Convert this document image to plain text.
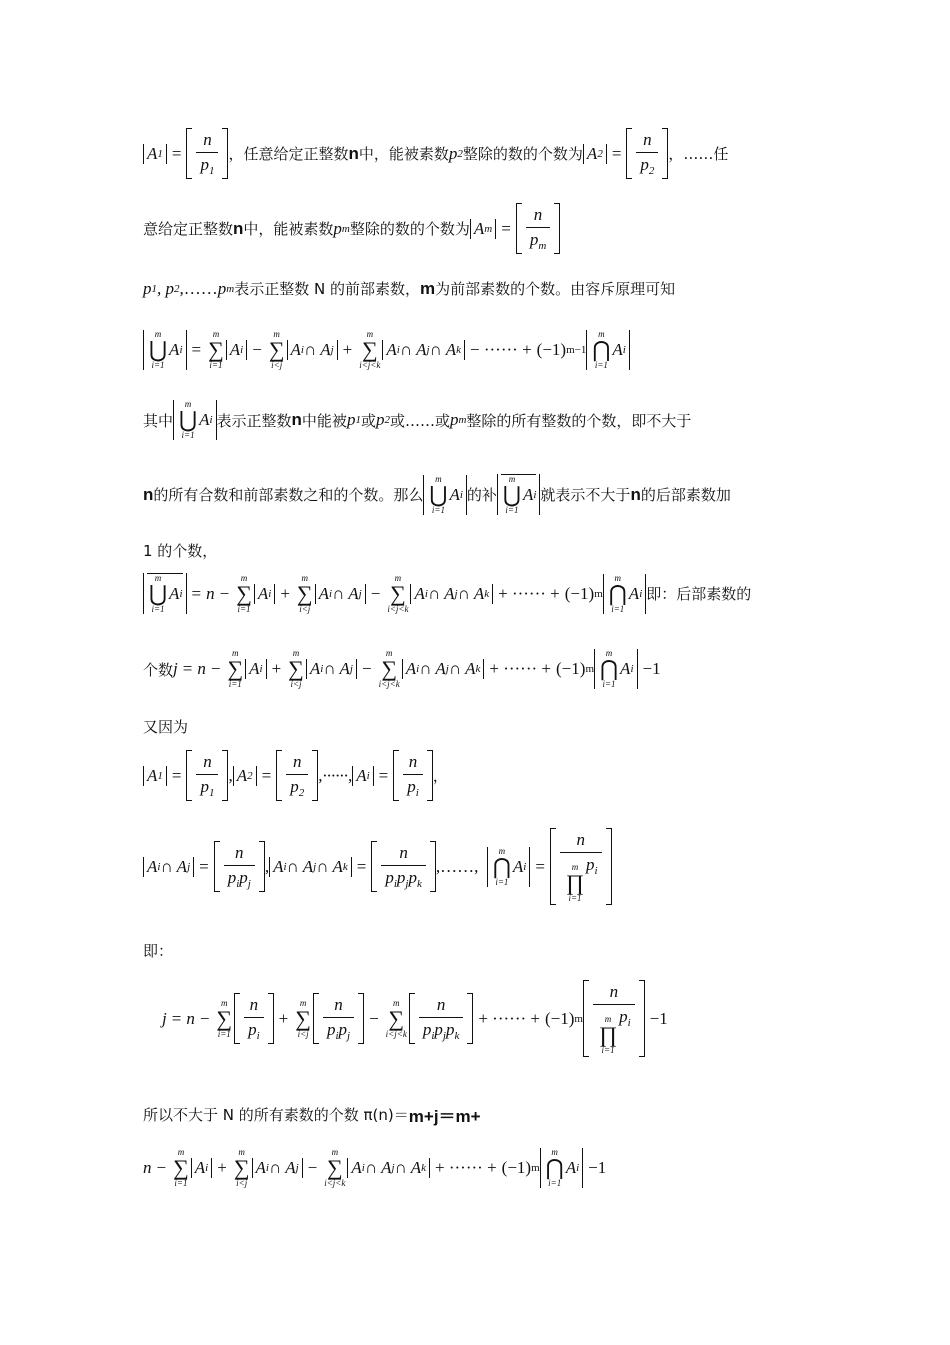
A $1 = \frac{n}{p_1}$ ，任意给定正整数 n 中，能被素数 p 2 整除的数的个数为 A $2 = \frac{n}{p_2}$ ，……任
意给定正整数 n 中，能被素数 p m 整除的数的个数为 A $m = \frac{n}{p_m}$
p 1 , p 2 , …… p m 表示正整数 N 的前部素数， m 为前部素数的个数。由容斥原理可知
m
⋃
i=1
A i =
m
∑
i=1
A i −
m
∑
i<j
A i ∩ A j +
m
∑
i<j<k
A i ∩ A j ∩ A k − ······ + (−1) m−1
m
⋂
i=1
A i
其中
m
⋃
i=1
A i 表示正整数 n 中能被 p 1 或 p 2 或……或 p m 整除的所有整数的个数，即不大于
n 的所有合数和前部素数之和的个数。那么
m
⋃
i=1
A i 的补
m
⋃
i=1
A i 就表示不大于 n 的后部素数加
1 的个数，
m
⋃
i=1
A i = n −
m
∑
i=1
A i +
m
∑
i<j
A i ∩ A j −
m
∑
i<j<k
A i ∩ A j ∩ A k + ······ + (−1) m
m
⋂
i=1
A i 即：后部素数的
个数 j = n −
m
∑
i=1
A i +
m
∑
i<j
A i ∩ A j −
m
∑
i<j<k
A i ∩ A j ∩ A k + ······ + (−1) m
m
⋂
i=1
A i −1
又因为
A $1 = \frac{n}{p_1}$ , A $2 = \frac{n}{p_2}$ ,······, A $i = \frac{n}{p_i}$ ，
A i ∩ A $j = \frac{n}{p_ip_j}$ , A i ∩ A j ∩ A $k = \frac{n}{p_ip_jp_k}$ ,……,

m
⋂
i=1
A i = n
m
∏
i=1
$p_i$
即：
j = n −
m
∑
$i=1 \frac{n}{p_i}$ +
m
∑
$i<j \frac{n}{p_ip_j}$ −
m
∑
$i<j<k \frac{n}{p_ip_jp_k}$ + ······ + (−1) m n
m
∏
i=1
$p_i -1$
所以不大于 N 的所有素数的个数 π(n)＝ m+j＝m+
n −
m
∑
i=1
A i +
m
∑
i<j
A i ∩ A j −
m
∑
i<j<k
A i ∩ A j ∩ A k + ······ + (−1) m
m
⋂
i=1
A i −1
